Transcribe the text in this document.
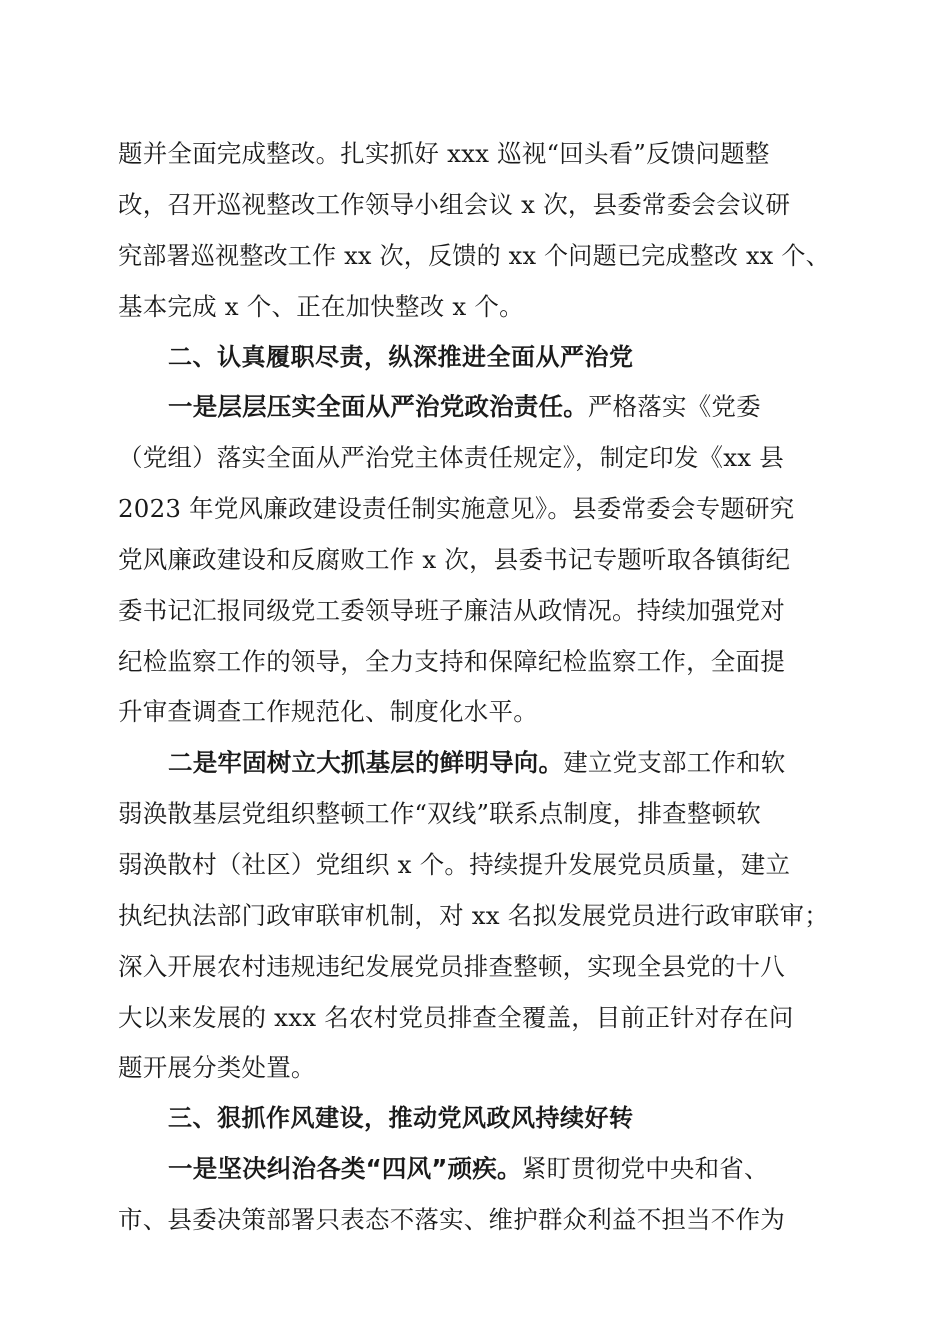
题并全面完成整改。扎实抓好 xxx 巡视“回头看”反馈问题整
改，召开巡视整改工作领导小组会议 x 次，县委常委会会议研
究部署巡视整改工作 xx 次，反馈的 xx 个问题已完成整改 xx 个、
基本完成 x 个、正在加快整改 x 个。
二、认真履职尽责，纵深推进全面从严治党
一是层层压实全面从严治党政治责任。严格落实《党委
（党组）落实全面从严治党主体责任规定》，制定印发《xx 县
2023 年党风廉政建设责任制实施意见》。县委常委会专题研究
党风廉政建设和反腐败工作 x 次，县委书记专题听取各镇街纪
委书记汇报同级党工委领导班子廉洁从政情况。持续加强党对
纪检监察工作的领导，全力支持和保障纪检监察工作，全面提
升审查调查工作规范化、制度化水平。
二是牢固树立大抓基层的鲜明导向。建立党支部工作和软
弱涣散基层党组织整顿工作“双线”联系点制度，排查整顿软
弱涣散村（社区）党组织 x 个。持续提升发展党员质量，建立
执纪执法部门政审联审机制，对 xx 名拟发展党员进行政审联审；
深入开展农村违规违纪发展党员排查整顿，实现全县党的十八
大以来发展的 xxx 名农村党员排查全覆盖，目前正针对存在问
题开展分类处置。
三、狠抓作风建设，推动党风政风持续好转
一是坚决纠治各类“四风”顽疾。紧盯贯彻党中央和省、
市、县委决策部署只表态不落实、维护群众利益不担当不作为
